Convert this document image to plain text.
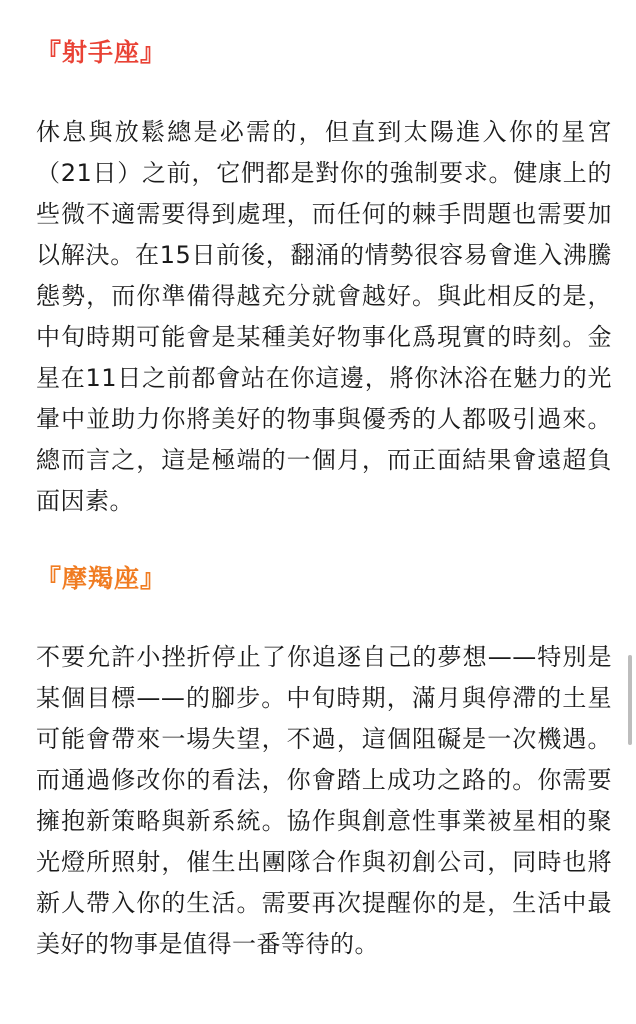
『射手座』

休息與放鬆總是必需的，但直到太陽進入你的星宮（21日）之前，它們都是對你的強制要求。健康上的些微不適需要得到處理，而任何的棘手問題也需要加以解決。在15日前後，翻涌的情勢很容易會進入沸騰態勢，而你準備得越充分就會越好。與此相反的是，中旬時期可能會是某種美好物事化爲現實的時刻。金星在11日之前都會站在你這邊，將你沐浴在魅力的光暈中並助力你將美好的物事與優秀的人都吸引過來。總而言之，這是極端的一個月，而正面結果會遠超負面因素。

『摩羯座』

不要允許小挫折停止了你追逐自己的夢想——特別是某個目標——的腳步。中旬時期，滿月與停滯的土星可能會帶來一場失望，不過，這個阻礙是一次機遇。而通過修改你的看法，你會踏上成功之路的。你需要擁抱新策略與新系統。協作與創意性事業被星相的聚光燈所照射，催生出團隊合作與初創公司，同時也將新人帶入你的生活。需要再次提醒你的是，生活中最美好的物事是值得一番等待的。
